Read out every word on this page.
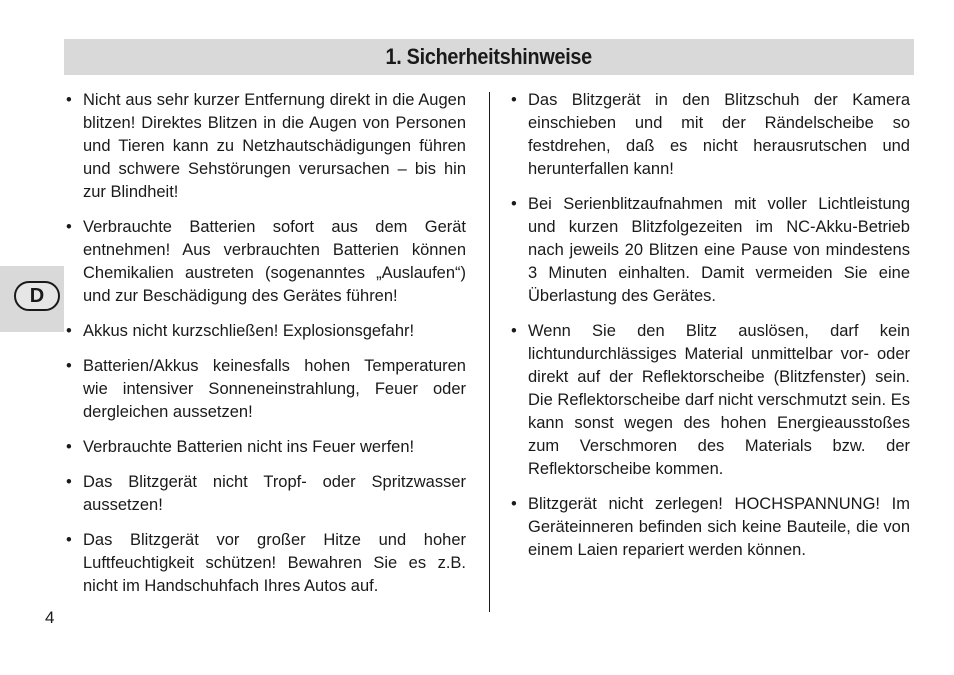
1. Sicherheitshinweise
D
• Nicht aus sehr kurzer Entfernung direkt in die Augen blitzen! Direktes Blitzen in die Augen von Personen und Tieren kann zu Netzhautschädigungen führen und schwere Sehstörungen verursachen – bis hin zur Blindheit!
• Verbrauchte Batterien sofort aus dem Gerät entnehmen! Aus verbrauchten Batterien können Chemikalien austreten (sogenanntes „Auslaufen“) und zur Beschädigung des Gerätes führen!
• Akkus nicht kurzschließen! Explosionsgefahr!
• Batterien/Akkus keinesfalls hohen Temperaturen wie intensiver Sonneneinstrahlung, Feuer oder dergleichen aussetzen!
• Verbrauchte Batterien nicht ins Feuer werfen!
• Das Blitzgerät nicht Tropf- oder Spritzwasser aussetzen!
• Das Blitzgerät vor großer Hitze und hoher Luftfeuchtigkeit schützen! Bewahren Sie es z.B. nicht im Handschuhfach Ihres Autos auf.
• Das Blitzgerät in den Blitzschuh der Kamera einschieben und mit der Rändelscheibe so festdrehen, daß es nicht herausrutschen und herunterfallen kann!
• Bei Serienblitzaufnahmen mit voller Lichtleistung und kurzen Blitzfolgezeiten im NC-Akku-Betrieb nach jeweils 20 Blitzen eine Pause von mindestens 3 Minuten einhalten. Damit vermeiden Sie eine Überlastung des Gerätes.
• Wenn Sie den Blitz auslösen, darf kein lichtundurchlässiges Material unmittelbar vor- oder direkt auf der Reflektorscheibe (Blitzfenster) sein. Die Reflektorscheibe darf nicht verschmutzt sein. Es kann sonst wegen des hohen Energieausstoßes zum Verschmoren des Materials bzw. der Reflektorscheibe kommen.
• Blitzgerät nicht zerlegen! HOCHSPANNUNG! Im Geräteinneren befinden sich keine Bauteile, die von einem Laien repariert werden können.
4
